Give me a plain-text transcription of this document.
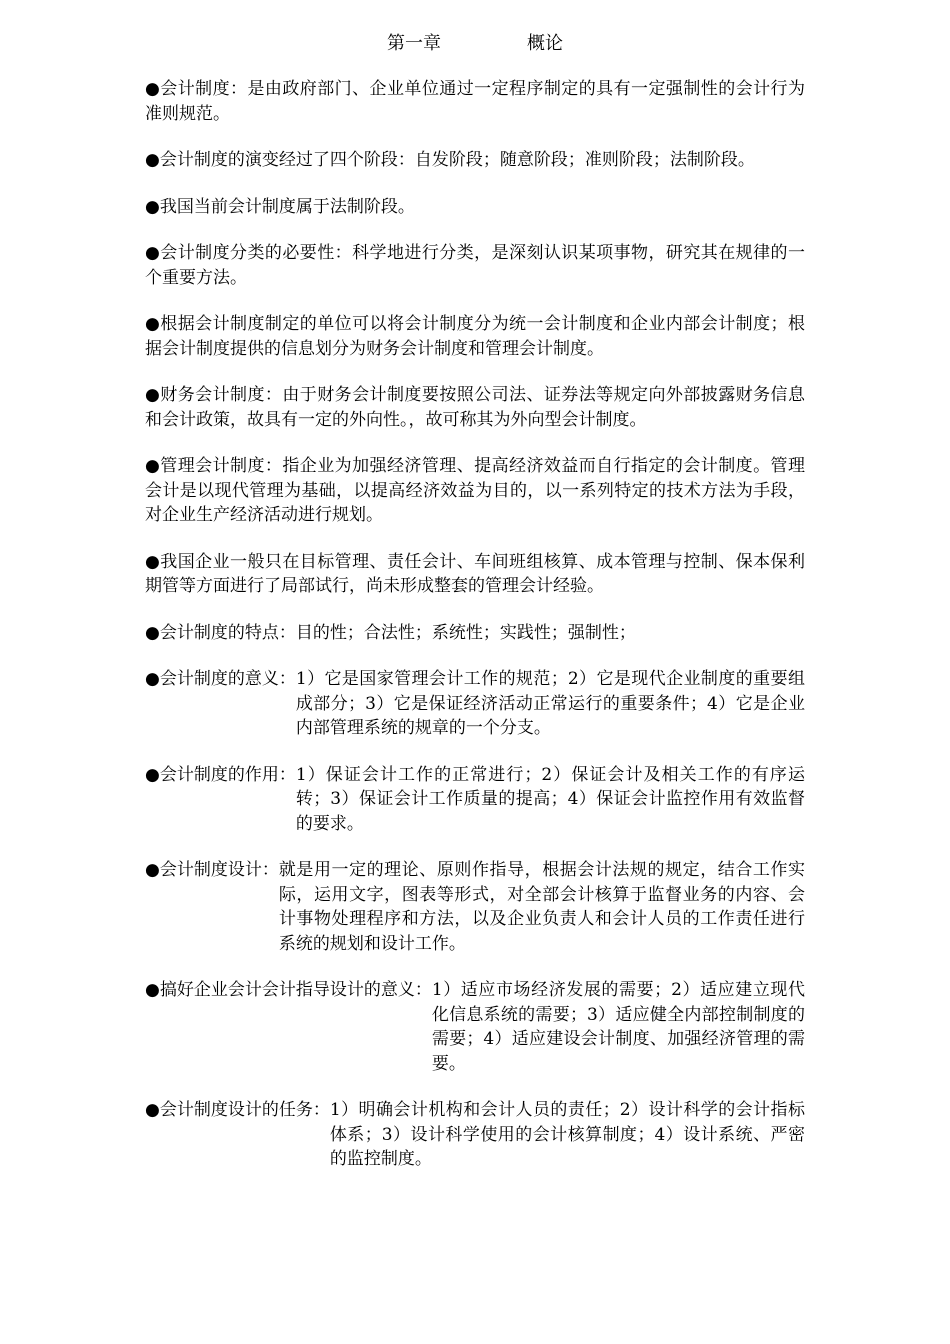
第一章	概论

●会计制度：是由政府部门、企业单位通过一定程序制定的具有一定强制性的会计行为准则规范。

●会计制度的演变经过了四个阶段：自发阶段；随意阶段；准则阶段；法制阶段。

●我国当前会计制度属于法制阶段。

●会计制度分类的必要性：科学地进行分类，是深刻认识某项事物，研究其在规律的一个重要方法。

●根据会计制度制定的单位可以将会计制度分为统一会计制度和企业内部会计制度；根据会计制度提供的信息划分为财务会计制度和管理会计制度。

●财务会计制度：由于财务会计制度要按照公司法、证券法等规定向外部披露财务信息和会计政策，故具有一定的外向性。，故可称其为外向型会计制度。

●管理会计制度：指企业为加强经济管理、提高经济效益而自行指定的会计制度。管理会计是以现代管理为基础，以提高经济效益为目的，以一系列特定的技术方法为手段，对企业生产经济活动进行规划。

●我国企业一般只在目标管理、责任会计、车间班组核算、成本管理与控制、保本保利期管等方面进行了局部试行，尚未形成整套的管理会计经验。

●会计制度的特点：目的性；合法性；系统性；实践性；强制性；

●会计制度的意义： 1）它是国家管理会计工作的规范；2）它是现代企业制度的重要组成部分；3）它是保证经济活动正常运行的重要条件；4）它是企业内部管理系统的规章的一个分支。
●会计制度的作用： 1）保证会计工作的正常进行；2）保证会计及相关工作的有序运转；3）保证会计工作质量的提高；4）保证会计监控作用有效监督的要求。
●会计制度设计： 就是用一定的理论、原则作指导，根据会计法规的规定，结合工作实际，运用文字，图表等形式，对全部会计核算于监督业务的内容、会计事物处理程序和方法，以及企业负责人和会计人员的工作责任进行系统的规划和设计工作。
●搞好企业会计会计指导设计的意义： 1）适应市场经济发展的需要；2）适应建立现代化信息系统的需要；3）适应健全内部控制制度的需要；4）适应建设会计制度、加强经济管理的需要。
●会计制度设计的任务： 1）明确会计机构和会计人员的责任；2）设计科学的会计指标体系；3）设计科学使用的会计核算制度；4）设计系统、严密的监控制度。
